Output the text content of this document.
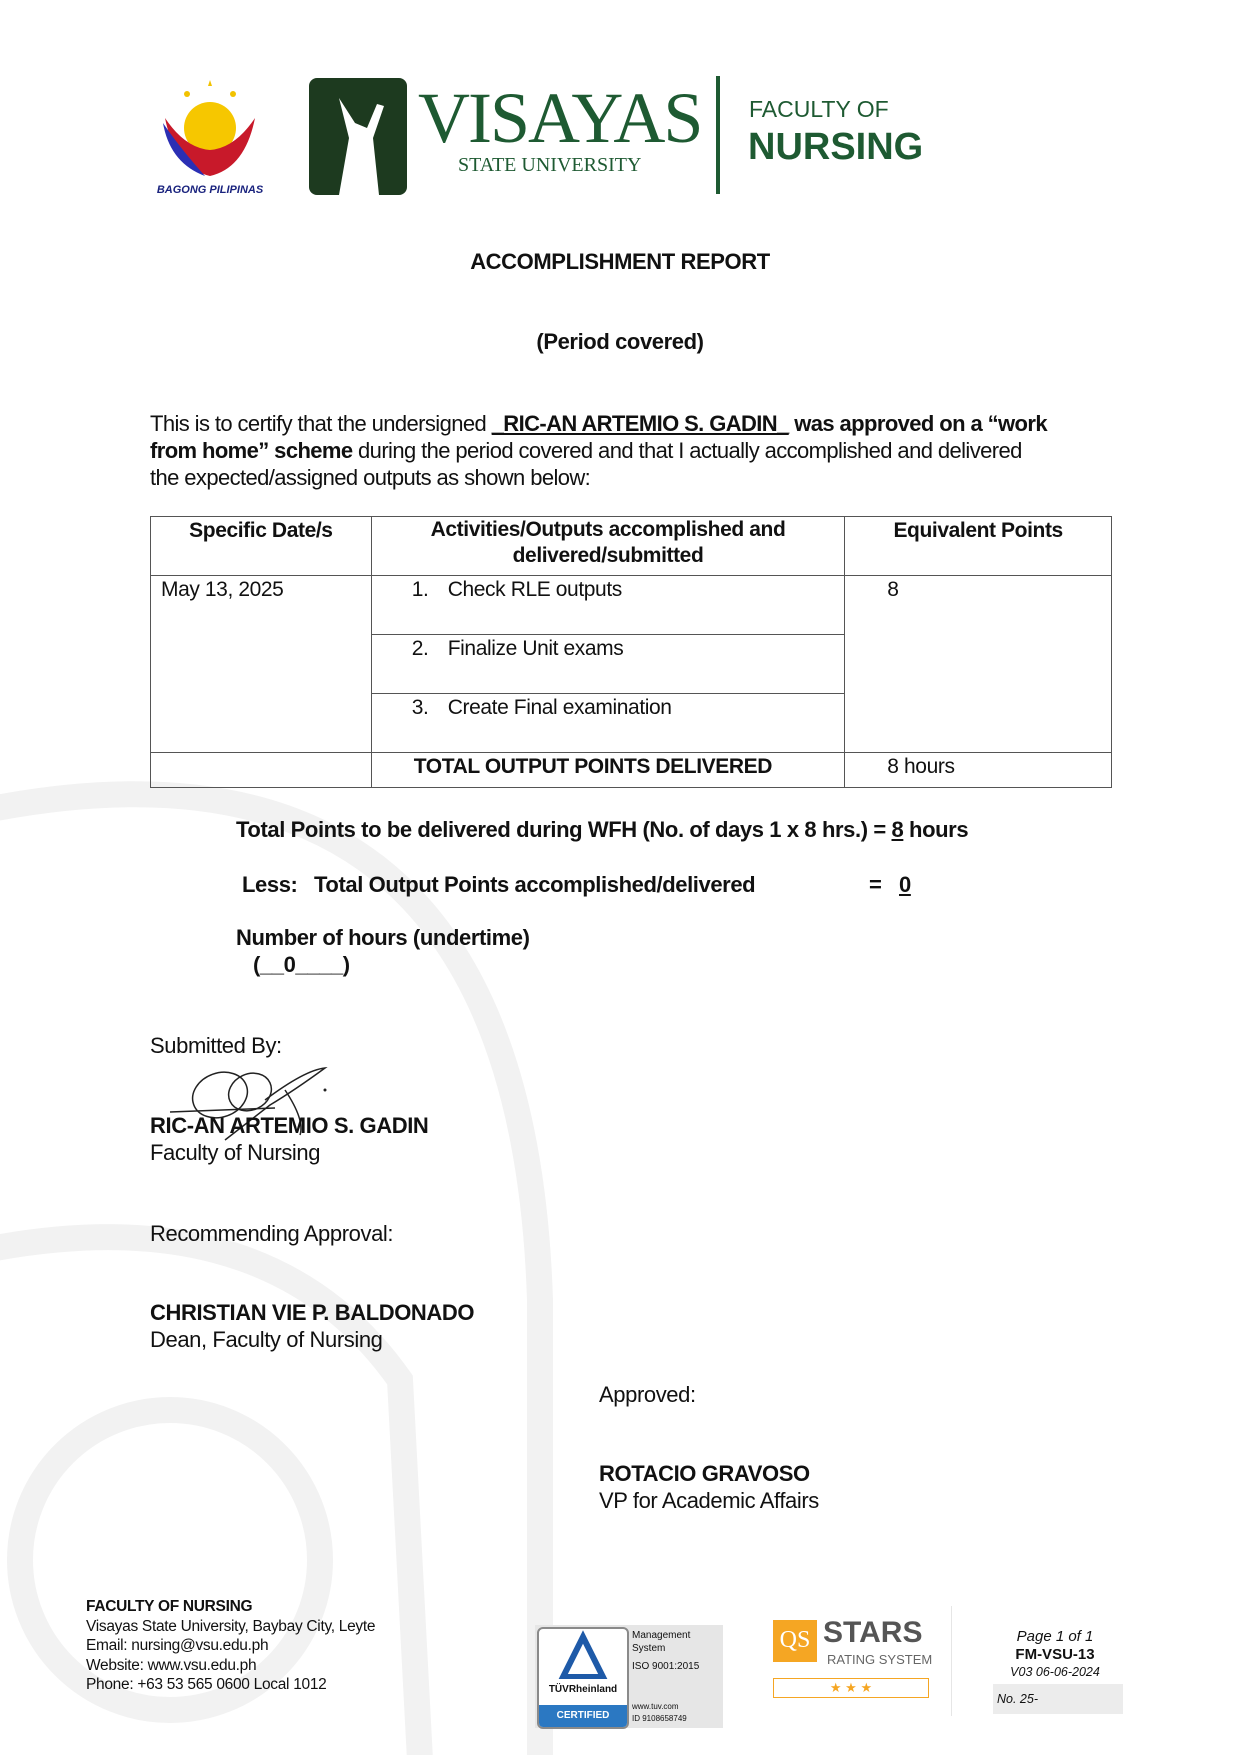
BAGONG PILIPINAS
VISAYAS
STATE UNIVERSITY
FACULTY OF
NURSING
ACCOMPLISHMENT REPORT
(Period covered)
This is to certify that the undersigned _RIC-AN ARTEMIO S. GADIN_ was approved on a “work
from home” scheme during the period covered and that I actually accomplished and delivered
the expected/assigned outputs as shown below:
Specific Date/s	Activities/Outputs accomplished and delivered/submitted	Equivalent Points
May 13, 2025	1. Check RLE outputs	8
	2. Finalize Unit exams	
	3. Create Final examination	
	TOTAL OUTPUT POINTS DELIVERED	8 hours
Total Points to be delivered during WFH (No. of days 1 x 8 hrs.) = 8 hours
Less: Total Output Points accomplished/delivered	= 0
Number of hours (undertime)
(__0____)
Submitted By:
RIC-AN ARTEMIO S. GADIN
Faculty of Nursing
Recommending Approval:
CHRISTIAN VIE P. BALDONADO
Dean, Faculty of Nursing
Approved:
ROTACIO GRAVOSO
VP for Academic Affairs
FACULTY OF NURSING
Visayas State University, Baybay City, Leyte
Email: nursing@vsu.edu.ph
Website: www.vsu.edu.ph
Phone: +63 53 565 0600 Local 1012	TÜVRheinland
CERTIFIED
Management System
ISO 9001:2015
www.tuv.com
ID 9108658749
QS STARS
RATING SYSTEM
★ ★ ★
Page 1 of 1
FM-VSU-13
V03 06-06-2024
No. 25-
